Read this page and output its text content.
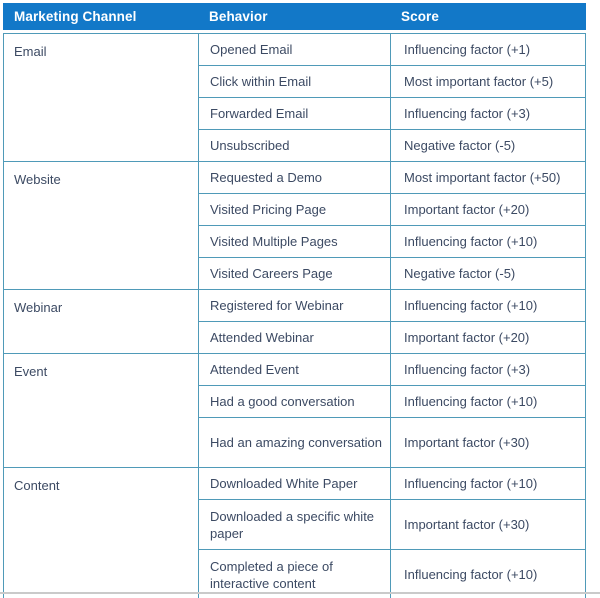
Marketing Channel	Behavior	Score
Email	Opened Email	Influencing factor (+1)
	Click within Email	Most important factor (+5)
	Forwarded Email	Influencing factor (+3)
	Unsubscribed	Negative factor (-5)
Website	Requested a Demo	Most important factor (+50)
	Visited Pricing Page	Important factor (+20)
	Visited Multiple Pages	Influencing factor (+10)
	Visited Careers Page	Negative factor (-5)
Webinar	Registered for Webinar	Influencing factor (+10)
	Attended Webinar	Important factor (+20)
Event	Attended Event	Influencing factor (+3)
	Had a good conversation	Influencing factor (+10)
	Had an amazing conversation	Important factor (+30)
Content	Downloaded White Paper	Influencing factor (+10)
	Downloaded a specific white paper	Important factor (+30)
	Completed a piece of interactive content	Influencing factor (+10)
